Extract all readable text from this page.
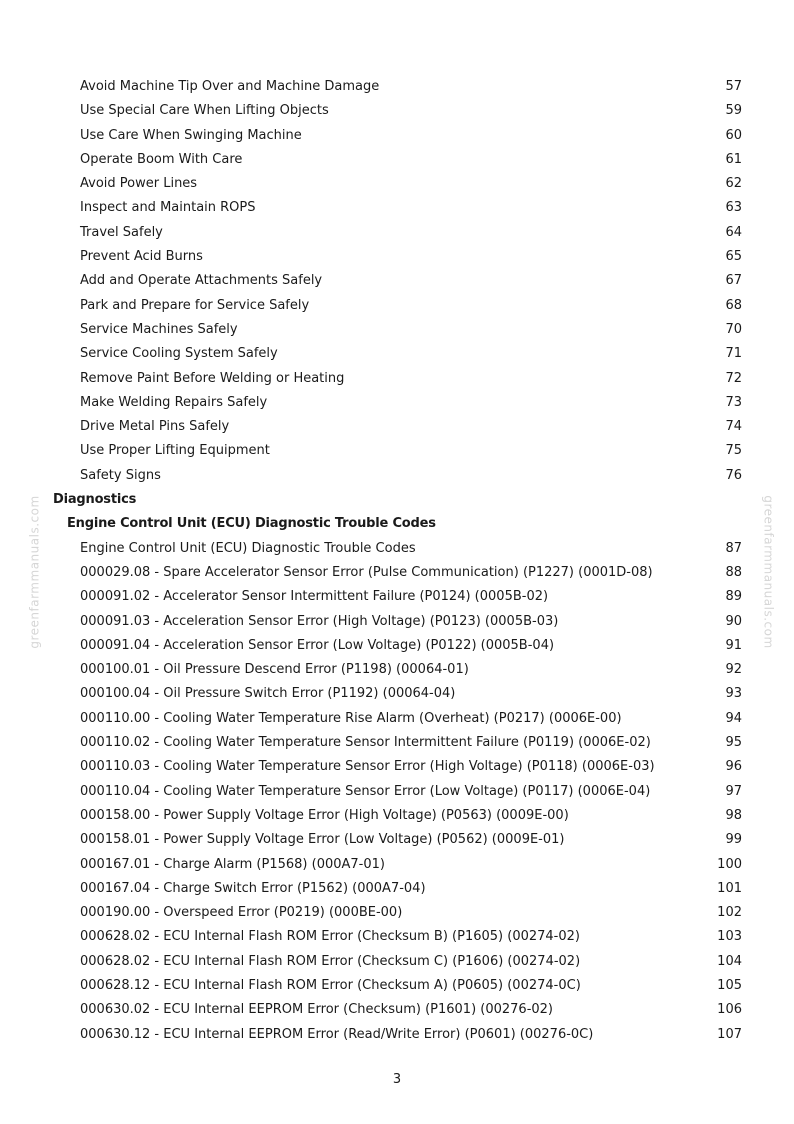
greenfarmmanuals.com	greenfarmmanuals.com
Avoid Machine Tip Over and Machine Damage	57
Use Special Care When Lifting Objects	59
Use Care When Swinging Machine	60
Operate Boom With Care	61
Avoid Power Lines	62
Inspect and Maintain ROPS	63
Travel Safely	64
Prevent Acid Burns	65
Add and Operate Attachments Safely	67
Park and Prepare for Service Safely	68
Service Machines Safely	70
Service Cooling System Safely	71
Remove Paint Before Welding or Heating	72
Make Welding Repairs Safely	73
Drive Metal Pins Safely	74
Use Proper Lifting Equipment	75
Safety Signs	76
Diagnostics
Engine Control Unit (ECU) Diagnostic Trouble Codes
Engine Control Unit (ECU) Diagnostic Trouble Codes	87
000029.08 - Spare Accelerator Sensor Error (Pulse Communication) (P1227) (0001D-08)	88
000091.02 - Accelerator Sensor Intermittent Failure (P0124) (0005B-02)	89
000091.03 - Acceleration Sensor Error (High Voltage) (P0123) (0005B-03)	90
000091.04 - Acceleration Sensor Error (Low Voltage) (P0122) (0005B-04)	91
000100.01 - Oil Pressure Descend Error (P1198) (00064-01)	92
000100.04 - Oil Pressure Switch Error (P1192) (00064-04)	93
000110.00 - Cooling Water Temperature Rise Alarm (Overheat) (P0217) (0006E-00)	94
000110.02 - Cooling Water Temperature Sensor Intermittent Failure (P0119) (0006E-02)	95
000110.03 - Cooling Water Temperature Sensor Error (High Voltage) (P0118) (0006E-03)	96
000110.04 - Cooling Water Temperature Sensor Error (Low Voltage) (P0117) (0006E-04)	97
000158.00 - Power Supply Voltage Error (High Voltage) (P0563) (0009E-00)	98
000158.01 - Power Supply Voltage Error (Low Voltage) (P0562) (0009E-01)	99
000167.01 - Charge Alarm (P1568) (000A7-01)	100
000167.04 - Charge Switch Error (P1562) (000A7-04)	101
000190.00 - Overspeed Error (P0219) (000BE-00)	102
000628.02 - ECU Internal Flash ROM Error (Checksum B) (P1605) (00274-02)	103
000628.02 - ECU Internal Flash ROM Error (Checksum C) (P1606) (00274-02)	104
000628.12 - ECU Internal Flash ROM Error (Checksum A) (P0605) (00274-0C)	105
000630.02 - ECU Internal EEPROM Error (Checksum) (P1601) (00276-02)	106
000630.12 - ECU Internal EEPROM Error (Read/Write Error) (P0601) (00276-0C)	107
3
